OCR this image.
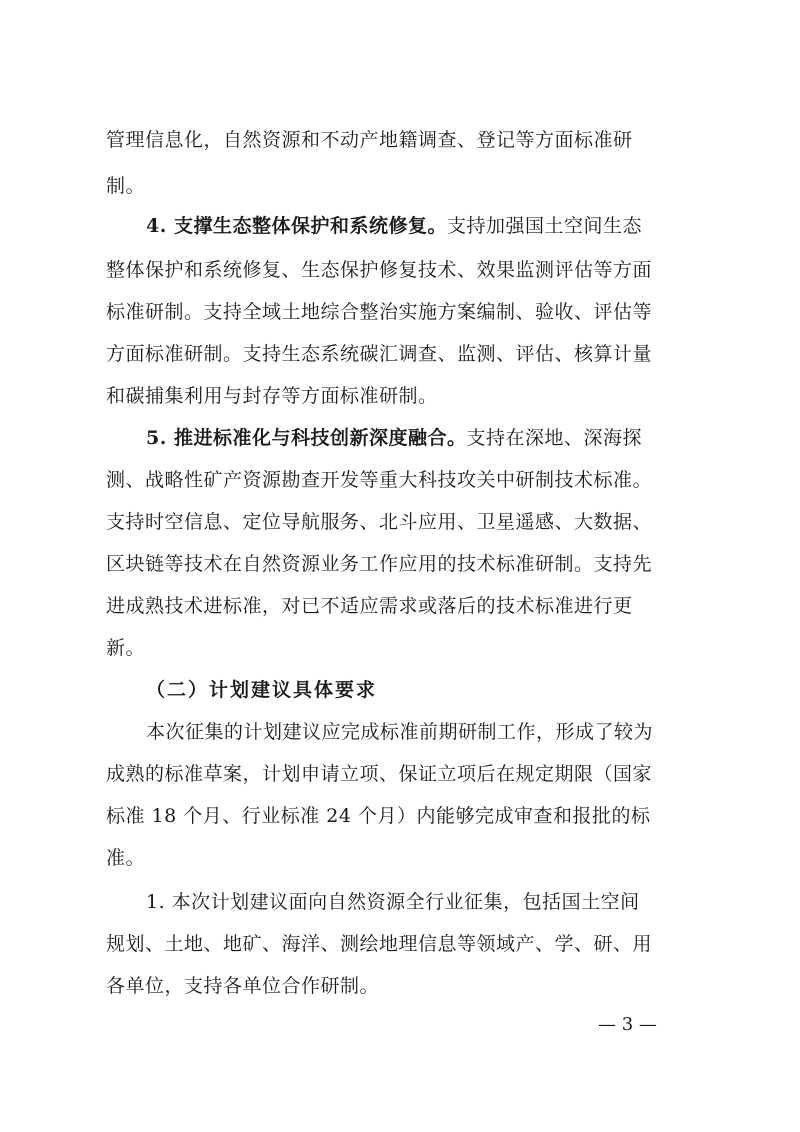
管理信息化，自然资源和不动产地籍调查、登记等方面标准研
制。
4. 支撑生态整体保护和系统修复。支持加强国土空间生态
整体保护和系统修复、生态保护修复技术、效果监测评估等方面
标准研制。支持全域土地综合整治实施方案编制、验收、评估等
方面标准研制。支持生态系统碳汇调查、监测、评估、核算计量
和碳捕集利用与封存等方面标准研制。
5. 推进标准化与科技创新深度融合。支持在深地、深海探
测、战略性矿产资源勘查开发等重大科技攻关中研制技术标准。
支持时空信息、定位导航服务、北斗应用、卫星遥感、大数据、
区块链等技术在自然资源业务工作应用的技术标准研制。支持先
进成熟技术进标准，对已不适应需求或落后的技术标准进行更
新。
（二）计划建议具体要求
本次征集的计划建议应完成标准前期研制工作，形成了较为
成熟的标准草案，计划申请立项、保证立项后在规定期限（国家
标准 18 个月、行业标准 24 个月）内能够完成审查和报批的标
准。
1. 本次计划建议面向自然资源全行业征集，包括国土空间
规划、土地、地矿、海洋、测绘地理信息等领域产、学、研、用
各单位，支持各单位合作研制。
— 3 —
